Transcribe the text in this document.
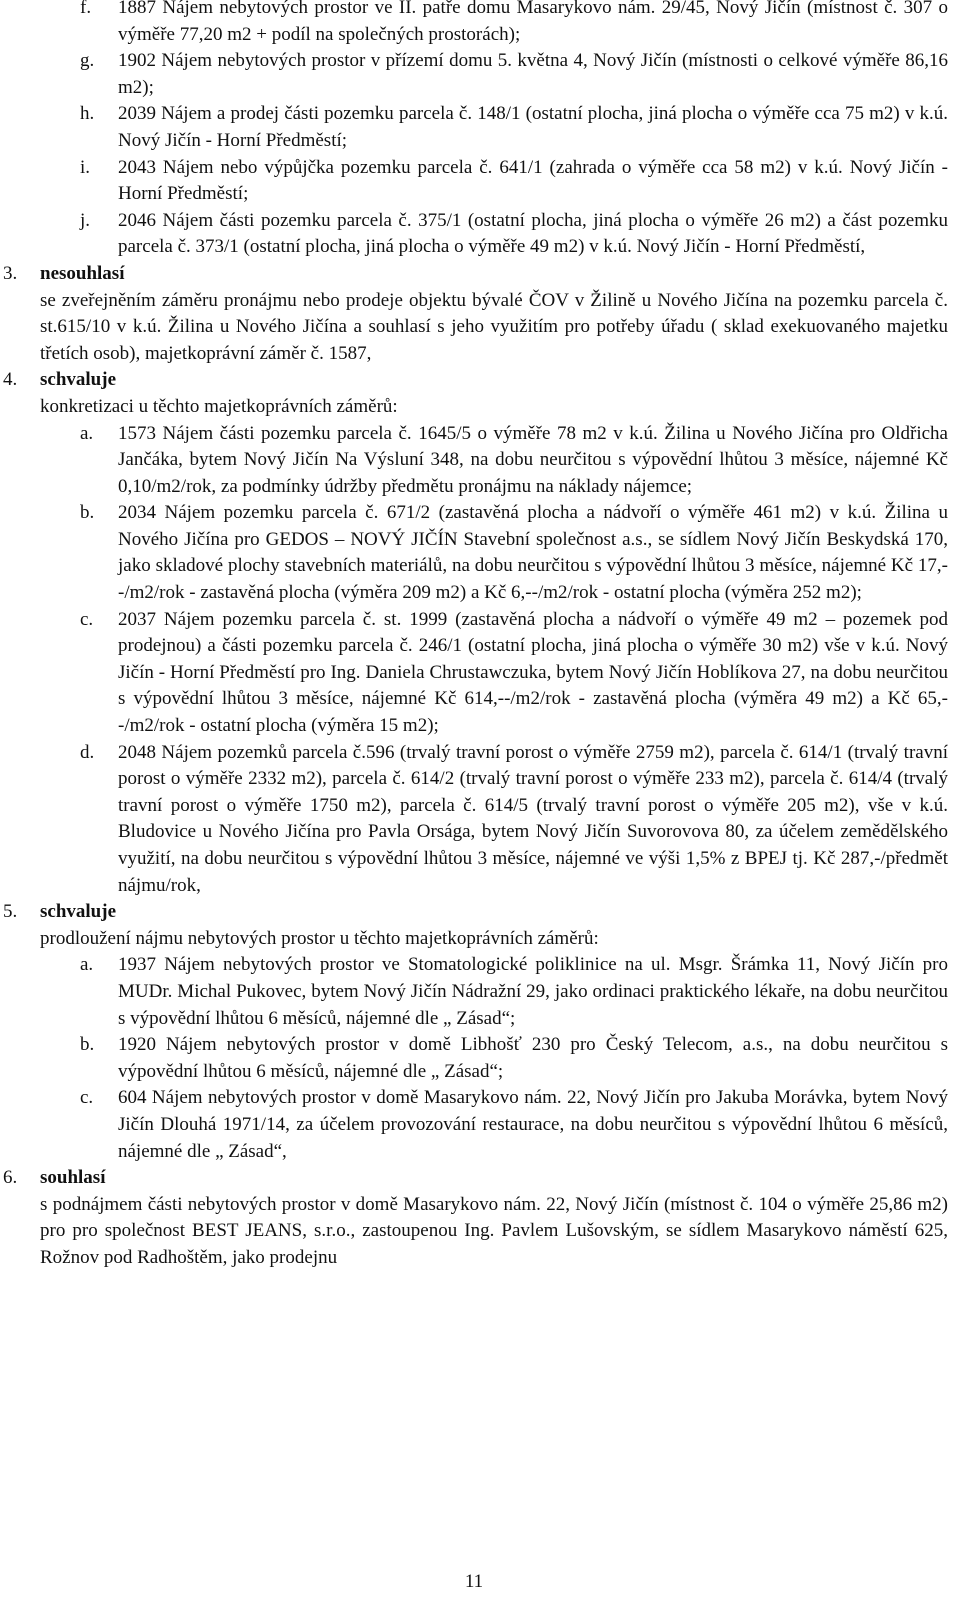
f. 1887 Nájem nebytových prostor ve II. patře domu Masarykovo nám. 29/45, Nový Jičín (místnost č. 307 o výměře 77,20 m2 + podíl na společných prostorách);
g. 1902 Nájem nebytových prostor v přízemí domu 5. května 4, Nový Jičín (místnosti o celkové výměře 86,16 m2);
h. 2039 Nájem a prodej části pozemku parcela č. 148/1 (ostatní plocha, jiná plocha o výměře cca 75 m2) v k.ú. Nový Jičín - Horní Předměstí;
i. 2043 Nájem nebo výpůjčka pozemku parcela č. 641/1 (zahrada o výměře cca 58 m2) v k.ú. Nový Jičín - Horní Předměstí;
j. 2046 Nájem části pozemku parcela č. 375/1 (ostatní plocha, jiná plocha o výměře 26 m2) a část pozemku parcela č. 373/1 (ostatní plocha, jiná plocha o výměře 49 m2) v k.ú. Nový Jičín - Horní Předměstí,
3. nesouhlasí
se zveřejněním záměru pronájmu nebo prodeje objektu bývalé ČOV v Žilině u Nového Jičína na pozemku parcela č. st.615/10 v k.ú. Žilina u Nového Jičína a souhlasí s jeho využitím pro potřeby úřadu ( sklad exekuovaného majetku třetích osob), majetkoprávní záměr č. 1587,
4. schvaluje
konkretizaci u těchto majetkoprávních záměrů:
a. 1573 Nájem části pozemku parcela č. 1645/5 o výměře 78 m2 v k.ú. Žilina u Nového Jičína pro Oldřicha Jančáka, bytem Nový Jičín Na Výsluní 348, na dobu neurčitou s výpovědní lhůtou 3 měsíce, nájemné Kč 0,10/m2/rok, za podmínky údržby předmětu pronájmu na náklady nájemce;
b. 2034 Nájem pozemku parcela č. 671/2 (zastavěná plocha a nádvoří o výměře 461 m2) v k.ú. Žilina u Nového Jičína pro GEDOS – NOVÝ JIČÍN Stavební společnost a.s., se sídlem Nový Jičín Beskydská 170, jako skladové plochy stavebních materiálů, na dobu neurčitou s výpovědní lhůtou 3 měsíce, nájemné Kč 17,--/m2/rok - zastavěná plocha (výměra 209 m2) a Kč 6,--/m2/rok - ostatní plocha (výměra 252 m2);
c. 2037 Nájem pozemku parcela č. st. 1999 (zastavěná plocha a nádvoří o výměře 49 m2 – pozemek pod prodejnou) a části pozemku parcela č. 246/1 (ostatní plocha, jiná plocha o výměře 30 m2) vše v k.ú. Nový Jičín - Horní Předměstí pro Ing. Daniela Chrustawczuka, bytem Nový Jičín Hoblíkova 27, na dobu neurčitou s výpovědní lhůtou 3 měsíce, nájemné Kč 614,--/m2/rok - zastavěná plocha (výměra 49 m2) a Kč 65,--/m2/rok - ostatní plocha (výměra 15 m2);
d. 2048 Nájem pozemků parcela č.596 (trvalý travní porost o výměře 2759 m2), parcela č. 614/1 (trvalý travní porost o výměře 2332 m2), parcela č. 614/2 (trvalý travní porost o výměře 233 m2), parcela č. 614/4 (trvalý travní porost o výměře 1750 m2), parcela č. 614/5 (trvalý travní porost o výměře 205 m2), vše v k.ú. Bludovice u Nového Jičína pro Pavla Orsága, bytem Nový Jičín Suvorovova 80, za účelem zemědělského využití, na dobu neurčitou s výpovědní lhůtou 3 měsíce, nájemné ve výši 1,5% z BPEJ tj. Kč 287,-/předmět nájmu/rok,
5. schvaluje
prodloužení nájmu nebytových prostor u těchto majetkoprávních záměrů:
a. 1937 Nájem nebytových prostor ve Stomatologické poliklinice na ul. Msgr. Šrámka 11, Nový Jičín pro MUDr. Michal Pukovec, bytem Nový Jičín Nádražní 29, jako ordinaci praktického lékaře, na dobu neurčitou s výpovědní lhůtou 6 měsíců, nájemné dle „ Zásad“;
b. 1920 Nájem nebytových prostor v domě Libhošť 230 pro Český Telecom, a.s., na dobu neurčitou s výpovědní lhůtou 6 měsíců, nájemné dle „ Zásad“;
c. 604 Nájem nebytových prostor v domě Masarykovo nám. 22, Nový Jičín pro Jakuba Morávka, bytem Nový Jičín Dlouhá 1971/14, za účelem provozování restaurace, na dobu neurčitou s výpovědní lhůtou 6 měsíců, nájemné dle „ Zásad“,
6. souhlasí
s podnájmem části nebytových prostor v domě Masarykovo nám. 22, Nový Jičín (místnost č. 104 o výměře 25,86 m2) pro pro společnost BEST JEANS, s.r.o., zastoupenou Ing. Pavlem Lušovským, se sídlem Masarykovo náměstí 625, Rožnov pod Radhoštěm, jako prodejnu
11
